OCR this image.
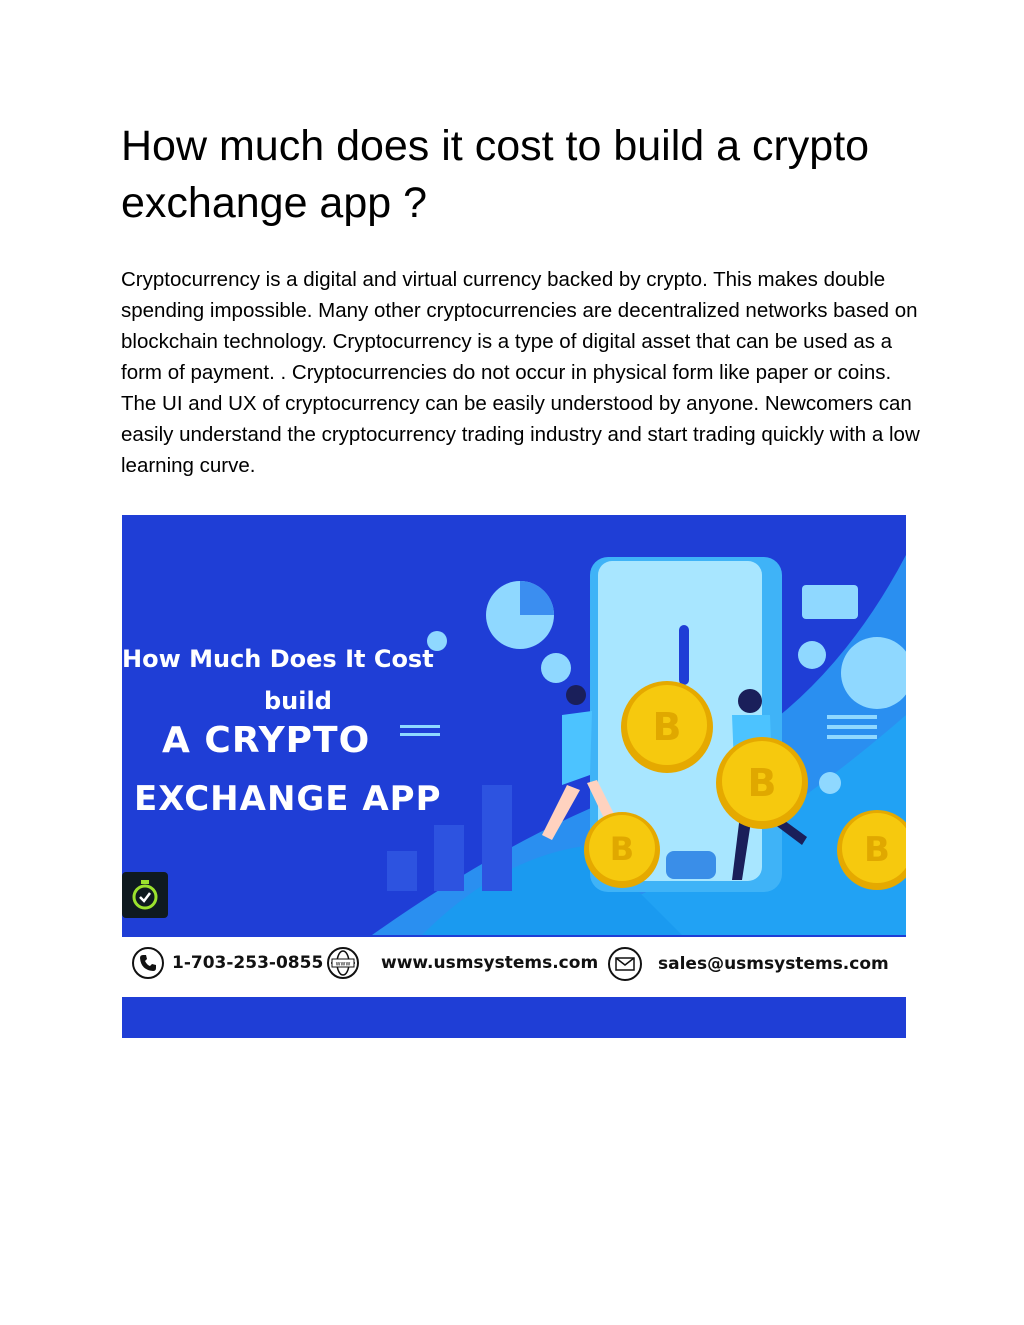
How much does it cost to build a crypto exchange app ?

Cryptocurrency is a digital and virtual currency backed by crypto. This makes double spending impossible. Many other cryptocurrencies are decentralized networks based on blockchain technology. Cryptocurrency is a type of digital asset that can be used as a form of payment. . Cryptocurrencies do not occur in physical form like paper or coins.

The UI and UX of cryptocurrency can be easily understood by anyone. Newcomers can easily understand the cryptocurrency trading industry and start trading quickly with a low learning curve.

B
B
B	B
How Much Does It Cost
build
A CRYPTO
EXCHANGE APP
1-703-253-0855 www www.usmsystems.com	sales@usmsystems.com
